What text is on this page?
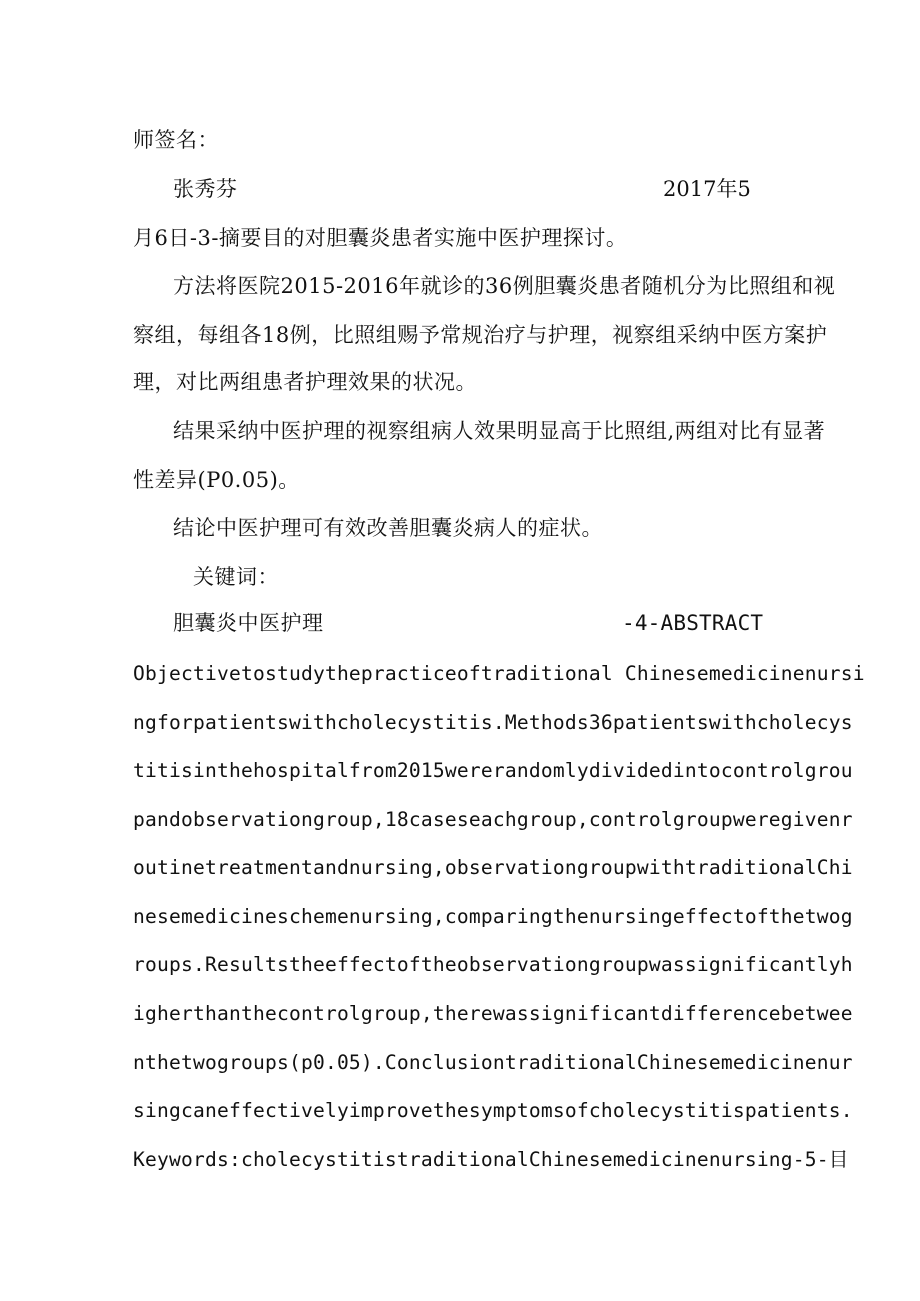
师签名：
张秀芬	2017年5
月6日-3-摘要目的对胆囊炎患者实施中医护理探讨。
方法将医院2015-2016年就诊的36例胆囊炎患者随机分为比照组和视
察组，每组各18例，比照组赐予常规治疗与护理，视察组采纳中医方案护
理，对比两组患者护理效果的状况。
结果采纳中医护理的视察组病人效果明显高于比照组,两组对比有显著
性差异(P0.05)。
结论中医护理可有效改善胆囊炎病人的症状。
关键词：
胆囊炎中医护理	-4-ABSTRACT
Objectivetostudythepracticeoftraditional Chinesemedicinenursi
ngforpatientswithcholecystitis.Methods36patientswithcholecys
titisinthehospitalfrom2015wererandomlydividedintocontrolgrou
pandobservationgroup,18caseseachgroup,controlgroupweregivenr
outinetreatmentandnursing,observationgroupwithtraditionalChi
nesemedicineschemenursing,comparingthenursingeffectofthetwog
roups.Resultstheeffectoftheobservationgroupwassignificantlyh
igherthanthecontrolgroup,therewassignificantdifferencebetwee
nthetwogroups(p0.05).ConclusiontraditionalChinesemedicinenur
singcaneffectivelyimprovethesymptomsofcholecystitispatients.
Keywords:cholecystitistraditionalChinesemedicinenursing-5-目
